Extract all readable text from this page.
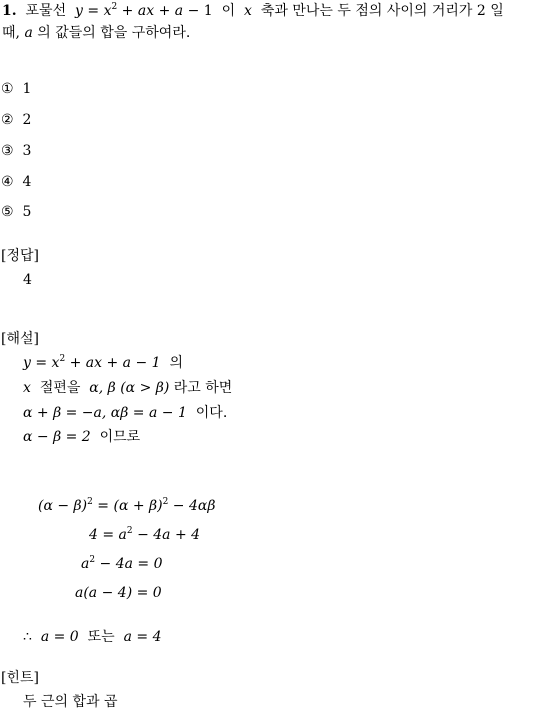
1. 포물선 $y = x^2$ + ax + a − 1 이 x 축과 만나는 두 점의 사이의 거리가 2 일
때, a 의 값들의 합을 구하여라.
① 1
② 2
③ 3
④ 4
⑤ 5
[정답]
4
[해설]
$y = x^2$ + ax + a − 1 의
x 절편을 α, β (α > β) 라고 하면
α + β = −a, αβ = a − 1 이다.
α − β = 2 이므로
$(\alpha - \beta)^2 = (\alpha + \beta)^2 - 4\alpha\beta$
$4 = a^2 - 4a + 4$
$a^2 - 4a = 0$
a(a − 4) = 0
∴ a = 0 또는 a = 4
[힌트]
두 근의 합과 곱
